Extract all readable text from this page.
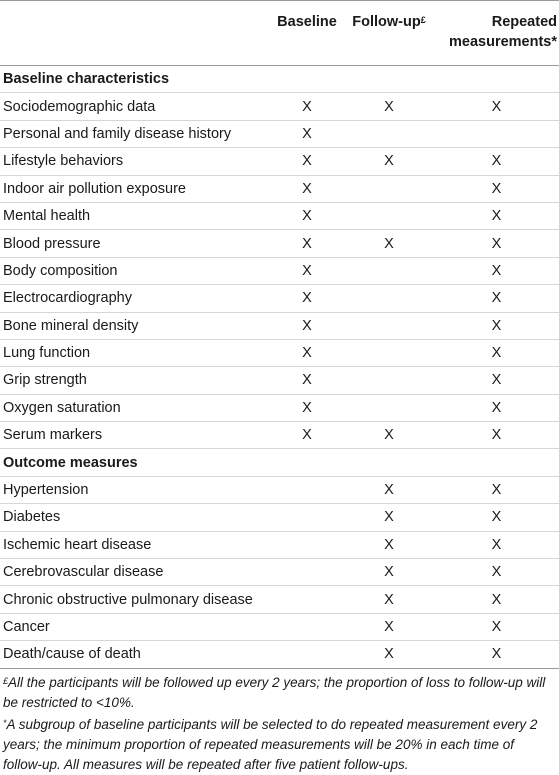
	Baseline	Follow-up£	Repeated
measurements*

Baseline characteristics			
Sociodemographic data	X	X	X
Personal and family disease history	X		
Lifestyle behaviors	X	X	X
Indoor air pollution exposure	X		X
Mental health	X		X
Blood pressure	X	X	X
Body composition	X		X
Electrocardiography	X		X
Bone mineral density	X		X
Lung function	X		X
Grip strength	X		X
Oxygen saturation	X		X
Serum markers	X	X	X
Outcome measures			
Hypertension		X	X
Diabetes		X	X
Ischemic heart disease		X	X
Cerebrovascular disease		X	X
Chronic obstructive pulmonary disease		X	X
Cancer		X	X
Death/cause of death		X	X
£All the participants will be followed up every 2 years; the proportion of loss to follow-up will be restricted to <10%.
*A subgroup of baseline participants will be selected to do repeated measurement every 2 years; the minimum proportion of repeated measurements will be 20% in each time of follow-up. All measures will be repeated after five patient follow-ups.
